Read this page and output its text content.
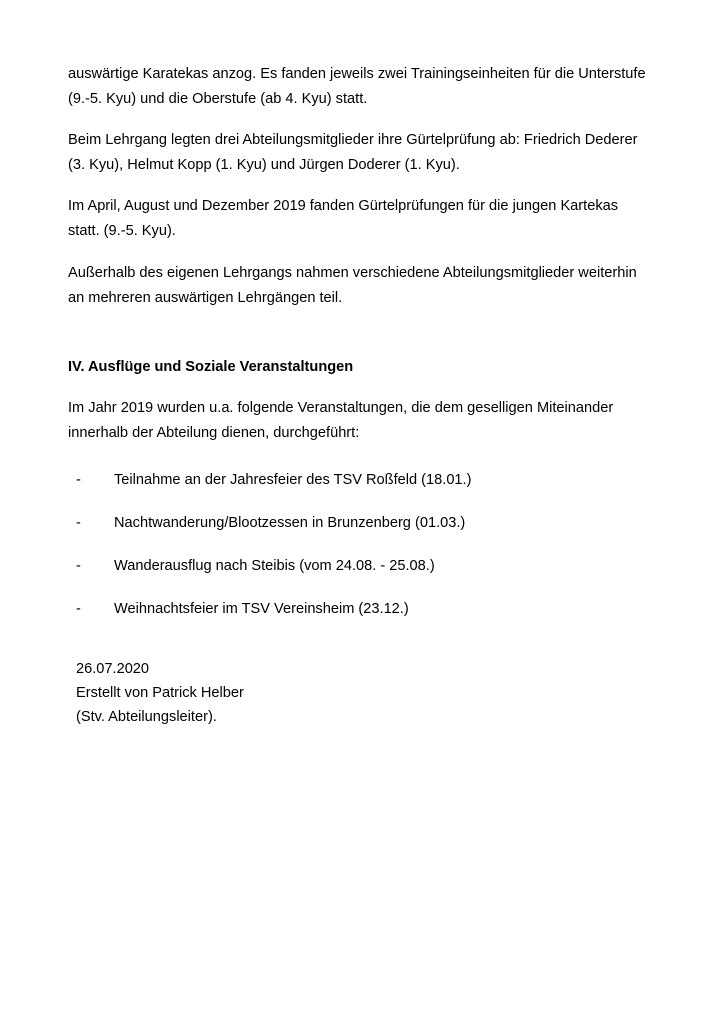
auswärtige Karatekas anzog. Es fanden jeweils zwei Trainingseinheiten für die Unterstufe (9.-5. Kyu) und die Oberstufe (ab 4. Kyu) statt.

Beim Lehrgang legten drei Abteilungsmitglieder ihre Gürtelprüfung ab: Friedrich Dederer (3. Kyu), Helmut Kopp (1. Kyu) und Jürgen Doderer (1. Kyu).

Im April, August und Dezember 2019 fanden Gürtelprüfungen für die jungen Kartekas statt. (9.-5. Kyu).

Außerhalb des eigenen Lehrgangs nahmen verschiedene Abteilungsmitglieder weiterhin an mehreren auswärtigen Lehrgängen teil.

IV. Ausflüge und Soziale Veranstaltungen

Im Jahr 2019 wurden u.a. folgende Veranstaltungen, die dem geselligen Miteinander innerhalb der Abteilung dienen, durchgeführt:

-	Teilnahme an der Jahresfeier des TSV Roßfeld (18.01.)
-	Nachtwanderung/Blootzessen in Brunzenberg (01.03.)
-	Wanderausflug nach Steibis (vom 24.08. - 25.08.)
-	Weihnachtsfeier im TSV Vereinsheim (23.12.)
26.07.2020
Erstellt von Patrick Helber
(Stv. Abteilungsleiter).
